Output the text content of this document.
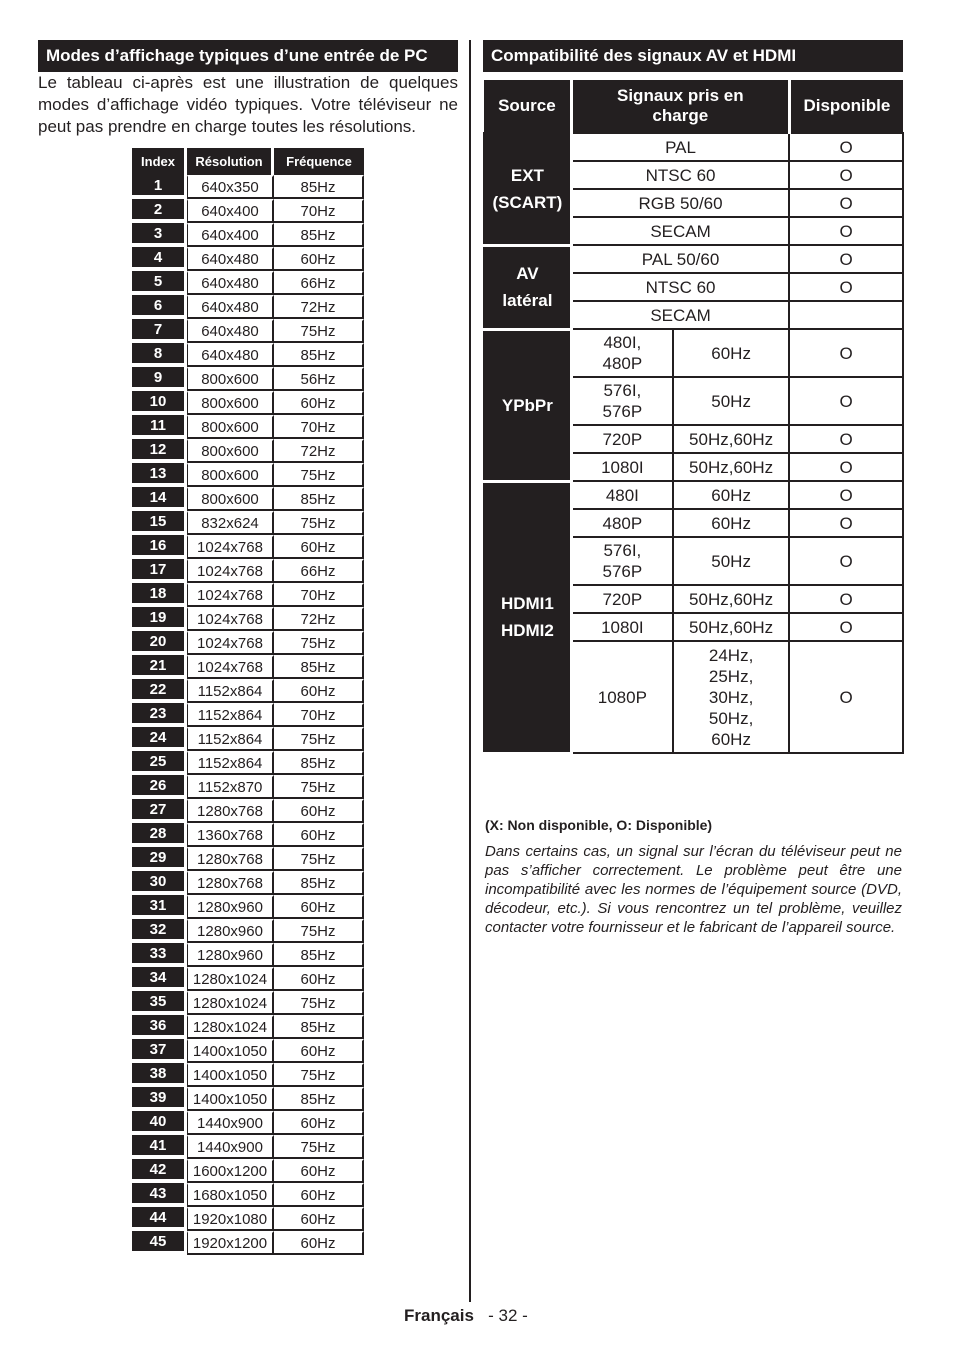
Modes d’affichage typiques d’une entrée de PC

Le tableau ci-après est une illustration de quelques modes d’affichage vidéo typiques. Votre téléviseur ne peut pas prendre en charge toutes les résolutions.

Index	Résolution	Fréquence
1	640x350	85Hz
2	640x400	70Hz
3	640x400	85Hz
4	640x480	60Hz
5	640x480	66Hz
6	640x480	72Hz
7	640x480	75Hz
8	640x480	85Hz
9	800x600	56Hz
10	800x600	60Hz
11	800x600	70Hz
12	800x600	72Hz
13	800x600	75Hz
14	800x600	85Hz
15	832x624	75Hz
16	1024x768	60Hz
17	1024x768	66Hz
18	1024x768	70Hz
19	1024x768	72Hz
20	1024x768	75Hz
21	1024x768	85Hz
22	1152x864	60Hz
23	1152x864	70Hz
24	1152x864	75Hz
25	1152x864	85Hz
26	1152x870	75Hz
27	1280x768	60Hz
28	1360x768	60Hz
29	1280x768	75Hz
30	1280x768	85Hz
31	1280x960	60Hz
32	1280x960	75Hz
33	1280x960	85Hz
34	1280x1024	60Hz
35	1280x1024	75Hz
36	1280x1024	85Hz
37	1400x1050	60Hz
38	1400x1050	75Hz
39	1400x1050	85Hz
40	1440x900	60Hz
41	1440x900	75Hz
42	1600x1200	60Hz
43	1680x1050	60Hz
44	1920x1080	60Hz
45	1920x1200	60Hz
Compatibilité des signaux AV et HDMI
Source	Signaux pris en charge		Disponible

EXT
(SCART)	PAL		O
	NTSC 60		O
	RGB 50/60		O
	SECAM		O

AV
latéral	PAL 50/60		O
	NTSC 60		O
	SECAM		
YPbPr	480I,
480P	60Hz	O
	576I,
576P	50Hz	O
	720P	50Hz,60Hz	O
	1080I	50Hz,60Hz	O

HDMI1
HDMI2	480I	60Hz	O
	480P	60Hz	O
	576I,
576P	50Hz	O
	720P	50Hz,60Hz	O
	1080I	50Hz,60Hz	O
	1080P	24Hz,
25Hz,
30Hz,
50Hz,
60Hz	O

(X: Non disponible, O: Disponible)

Dans certains cas, un signal sur l’écran du téléviseur peut ne pas s’afficher correctement. Le problème peut être une incompatibilité avec les normes de l’équipement source (DVD, décodeur, etc.). Si vous rencontrez un tel problème, veuillez contacter votre fournisseur et le fabricant de l’appareil source.

Français - 32 -
